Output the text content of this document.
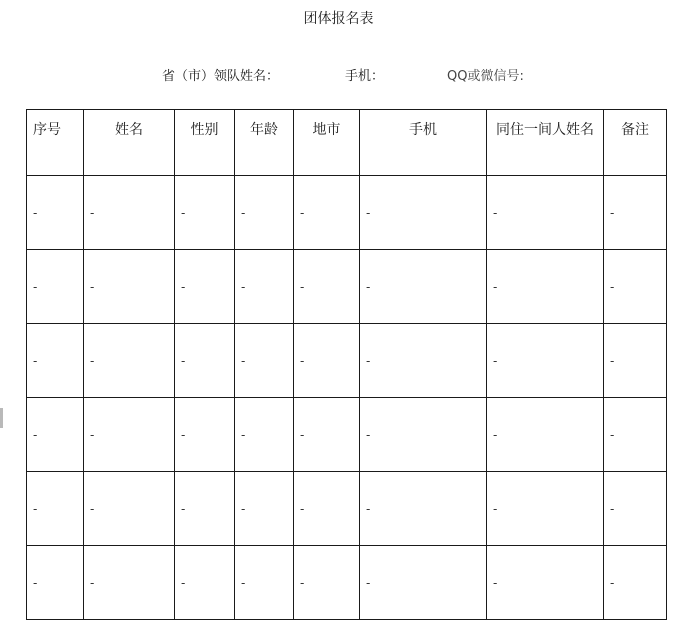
团体报名表
省（市）领队姓名：	手机：	QQ或微信号:
序号	姓名	性别	年龄	地市	手机	同住一间人姓名	备注
-	-	-	-	-	-	-	-
-	-	-	-	-	-	-	-
-	-	-	-	-	-	-	-
-	-	-	-	-	-	-	-
-	-	-	-	-	-	-	-
-	-	-	-	-	-	-	-
